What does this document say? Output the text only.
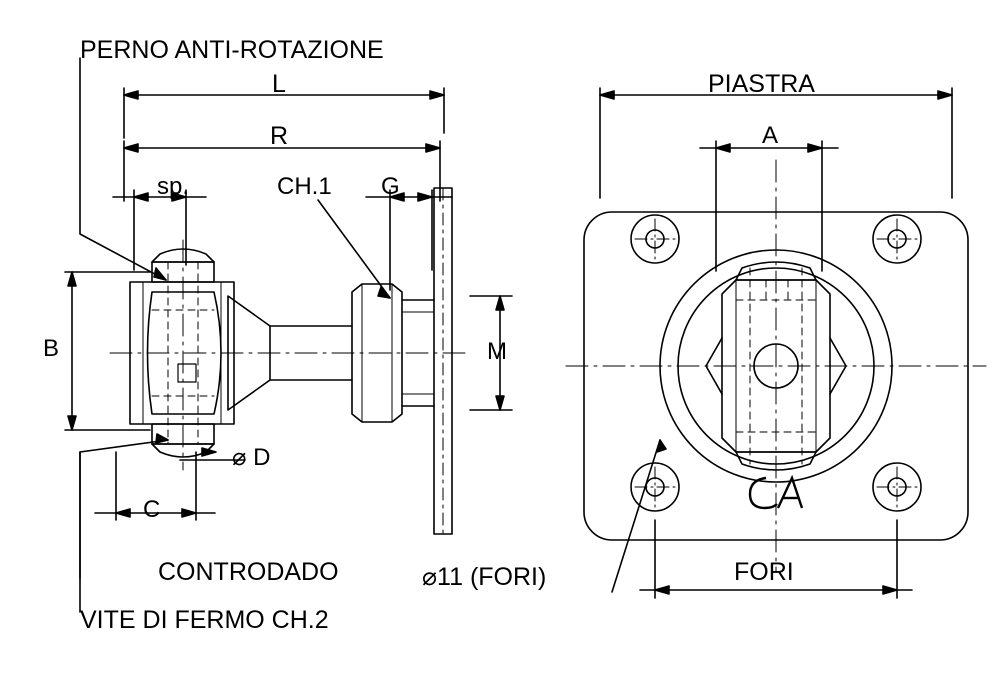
PERNO ANTI-ROTAZIONE
L
R
sp.	CH.1 G
B	M
⌀ D
C
CONTRODADO
VITE DI FERMO CH.2
PIASTRA
A
⌀11 (FORI)	FORI
